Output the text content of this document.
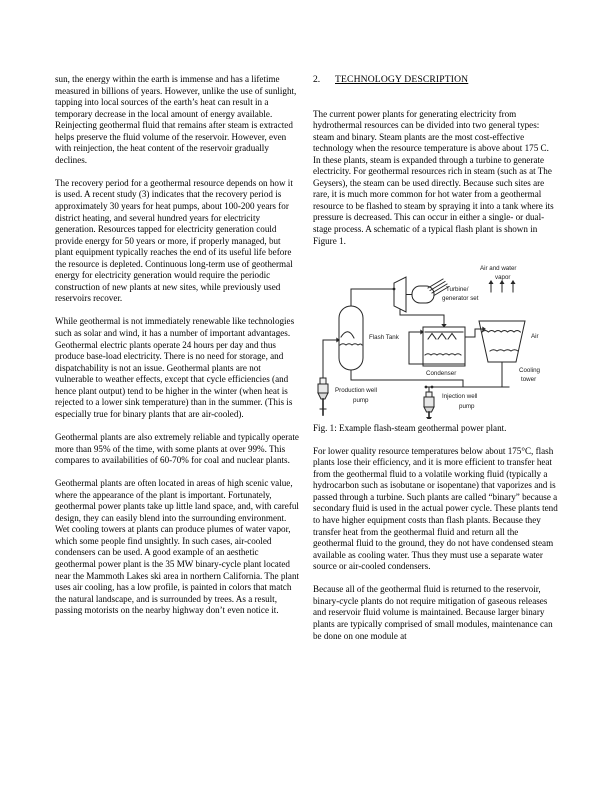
sun, the energy within the earth is immense and has a lifetime measured in billions of years. However, unlike the use of sunlight, tapping into local sources of the earth’s heat can result in a temporary decrease in the local amount of energy available. Reinjecting geothermal fluid that remains after steam is extracted helps preserve the fluid volume of the reservoir. However, even with reinjection, the heat content of the reservoir gradually declines.

The recovery period for a geothermal resource depends on how it is used. A recent study (3) indicates that the recovery period is approximately 30 years for heat pumps, about 100-200 years for district heating, and several hundred years for electricity generation. Resources tapped for electricity generation could provide energy for 50 years or more, if properly managed, but plant equipment typically reaches the end of its useful life before the resource is depleted. Continuous long-term use of geothermal energy for electricity generation would require the periodic construction of new plants at new sites, while previously used reservoirs recover.

While geothermal is not immediately renewable like technologies such as solar and wind, it has a number of important advantages. Geothermal electric plants operate 24 hours per day and thus produce base-load electricity. There is no need for storage, and dispatchability is not an issue. Geothermal plants are not vulnerable to weather effects, except that cycle efficiencies (and hence plant output) tend to be higher in the winter (when heat is rejected to a lower sink temperature) than in the summer. (This is especially true for binary plants that are air-cooled).

Geothermal plants are also extremely reliable and typically operate more than 95% of the time, with some plants at over 99%. This compares to availabilities of 60-70% for coal and nuclear plants.

Geothermal plants are often located in areas of high scenic value, where the appearance of the plant is important. Fortunately, geothermal power plants take up little land space, and, with careful design, they can easily blend into the surrounding environment. Wet cooling towers at plants can produce plumes of water vapor, which some people find unsightly. In such cases, air-cooled condensers can be used. A good example of an aesthetic geothermal power plant is the 35 MW binary-cycle plant located near the Mammoth Lakes ski area in northern California. The plant uses air cooling, has a low profile, is painted in colors that match the natural landscape, and is surrounded by trees. As a result, passing motorists on the nearby highway don’t even notice it.

2.	TECHNOLOGY DESCRIPTION

The current power plants for generating electricity from hydrothermal resources can be divided into two general types: steam and binary. Steam plants are the most cost-effective technology when the resource temperature is above about 175 C. In these plants, steam is expanded through a turbine to generate electricity. For geothermal resources rich in steam (such as at The Geysers), the steam can be used directly. Because such sites are rare, it is much more common for hot water from a geothermal resource to be flashed to steam by spraying it into a tank where its pressure is decreased. This can occur in either a single- or dual-stage process. A schematic of a typical flash plant is shown in Figure 1.

Turbine/
generator set
Air and water
vapor
Flash Tank
Condenser
Air
Cooling
tower
Production well
pump
Injection well
pump

Fig. 1: Example flash-steam geothermal power plant.

For lower quality resource temperatures below about 175°C, flash plants lose their efficiency, and it is more efficient to transfer heat from the geothermal fluid to a volatile working fluid (typically a hydrocarbon such as isobutane or isopentane) that vaporizes and is passed through a turbine. Such plants are called “binary” because a secondary fluid is used in the actual power cycle. These plants tend to have higher equipment costs than flash plants. Because they transfer heat from the geothermal fluid and return all the geothermal fluid to the ground, they do not have condensed steam available as cooling water. Thus they must use a separate water source or air-cooled condensers.

Because all of the geothermal fluid is returned to the reservoir, binary-cycle plants do not require mitigation of gaseous releases and reservoir fluid volume is maintained. Because larger binary plants are typically comprised of small modules, maintenance can be done on one module at
